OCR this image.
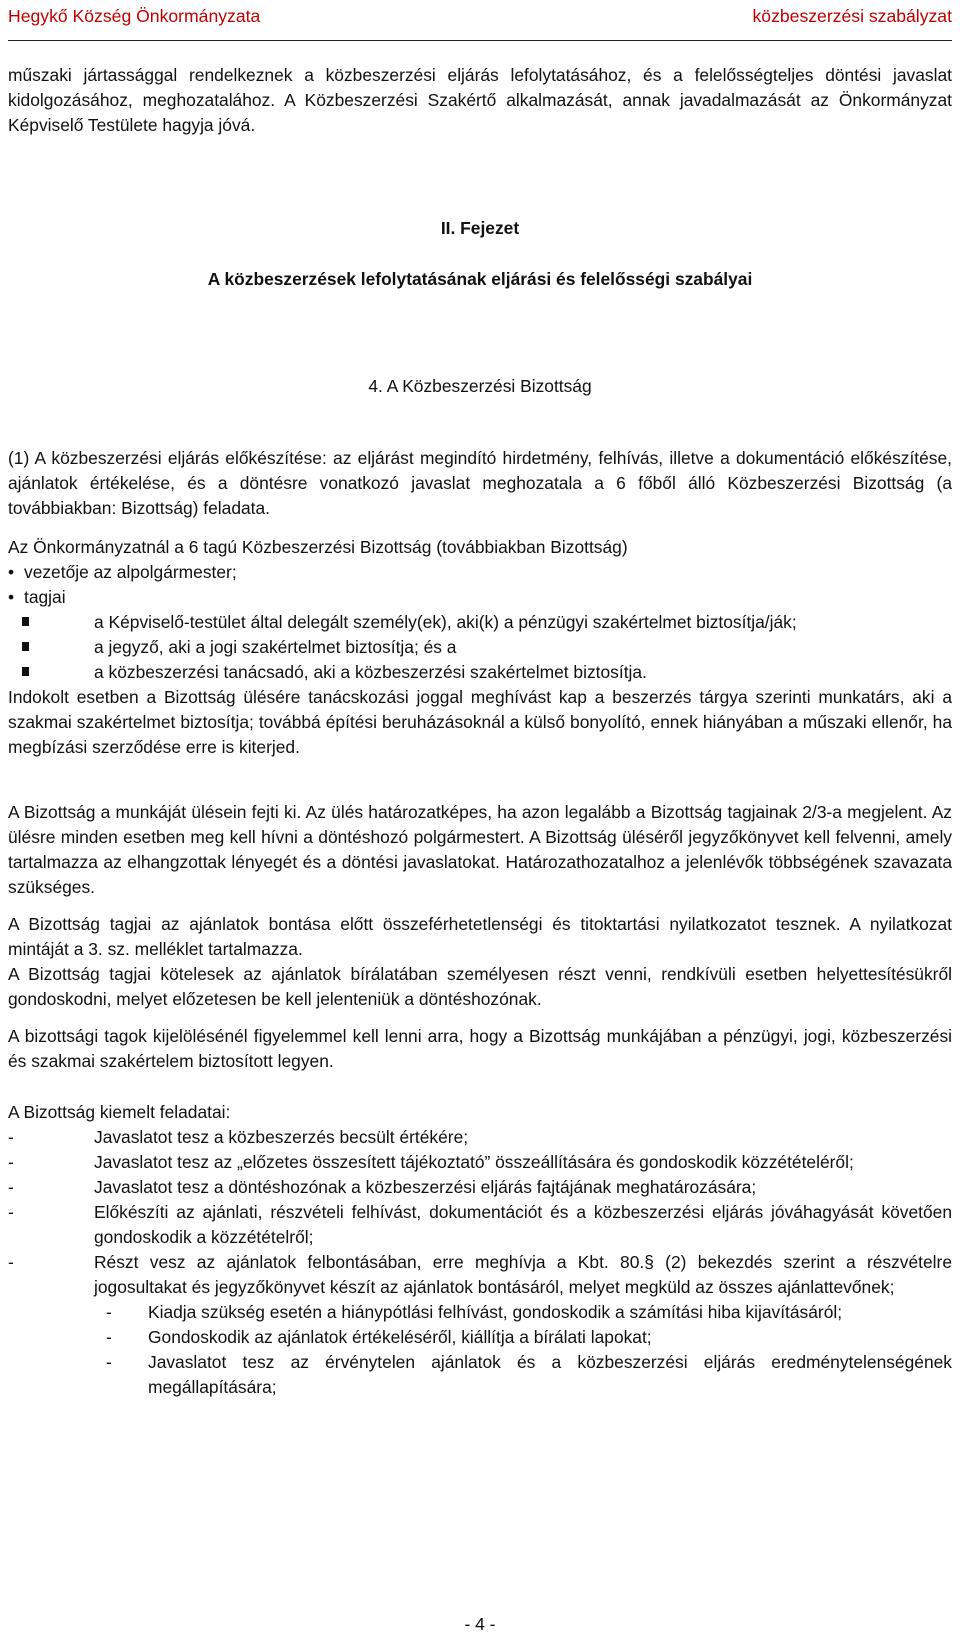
Hegykő Község Önkormányzata	közbeszerzési szabályzat

műszaki jártassággal rendelkeznek a közbeszerzési eljárás lefolytatásához, és a felelősségteljes döntési javaslat kidolgozásához, meghozatalához. A Közbeszerzési Szakértő alkalmazását, annak javadalmazását az Önkormányzat Képviselő Testülete hagyja jóvá.

II. Fejezet

A közbeszerzések lefolytatásának eljárási és felelősségi szabályai

4. A Közbeszerzési Bizottság

(1) A közbeszerzési eljárás előkészítése: az eljárást megindító hirdetmény, felhívás, illetve a dokumentáció előkészítése, ajánlatok értékelése, és a döntésre vonatkozó javaslat meghozatala a 6 főből álló Közbeszerzési Bizottság (a továbbiakban: Bizottság) feladata.

Az Önkormányzatnál a 6 tagú Közbeszerzési Bizottság (továbbiakban Bizottság)

• vezetője az alpolgármester;
• tagjai
a Képviselő-testület által delegált személy(ek), aki(k) a pénzügyi szakértelmet biztosítja/ják;
a jegyző, aki a jogi szakértelmet biztosítja; és a
a közbeszerzési tanácsadó, aki a közbeszerzési szakértelmet biztosítja.

Indokolt esetben a Bizottság ülésére tanácskozási joggal meghívást kap a beszerzés tárgya szerinti munkatárs, aki a szakmai szakértelmet biztosítja; továbbá építési beruházásoknál a külső bonyolító, ennek hiányában a műszaki ellenőr, ha megbízási szerződése erre is kiterjed.

A Bizottság a munkáját ülésein fejti ki. Az ülés határozatképes, ha azon legalább a Bizottság tagjainak 2/3-a megjelent. Az ülésre minden esetben meg kell hívni a döntéshozó polgármestert. A Bizottság üléséről jegyzőkönyvet kell felvenni, amely tartalmazza az elhangzottak lényegét és a döntési javaslatokat. Határozathozatalhoz a jelenlévők többségének szavazata szükséges.

A Bizottság tagjai az ajánlatok bontása előtt összeférhetetlenségi és titoktartási nyilatkozatot tesznek. A nyilatkozat mintáját a 3. sz. melléklet tartalmazza.

A Bizottság tagjai kötelesek az ajánlatok bírálatában személyesen részt venni, rendkívüli esetben helyettesítésükről gondoskodni, melyet előzetesen be kell jelenteniük a döntéshozónak.

A bizottsági tagok kijelölésénél figyelemmel kell lenni arra, hogy a Bizottság munkájában a pénzügyi, jogi, közbeszerzési és szakmai szakértelem biztosított legyen.

A Bizottság kiemelt feladatai:

-	Javaslatot tesz a közbeszerzés becsült értékére;
-	Javaslatot tesz az „előzetes összesített tájékoztató” összeállítására és gondoskodik közzétételéről;
-	Javaslatot tesz a döntéshozónak a közbeszerzési eljárás fajtájának meghatározására;
-	Előkészíti az ajánlati, részvételi felhívást, dokumentációt és a közbeszerzési eljárás jóváhagyását követően gondoskodik a közzétételről;
-	Részt vesz az ajánlatok felbontásában, erre meghívja a Kbt. 80.§ (2) bekezdés szerint a részvételre jogosultakat és jegyzőkönyvet készít az ajánlatok bontásáról, melyet megküld az összes ajánlattevőnek;
- Kiadja szükség esetén a hiánypótlási felhívást, gondoskodik a számítási hiba kijavításáról;
- Gondoskodik az ajánlatok értékeléséről, kiállítja a bírálati lapokat;
- Javaslatot tesz az érvénytelen ajánlatok és a közbeszerzési eljárás eredménytelenségének megállapítására;
- 4 -
